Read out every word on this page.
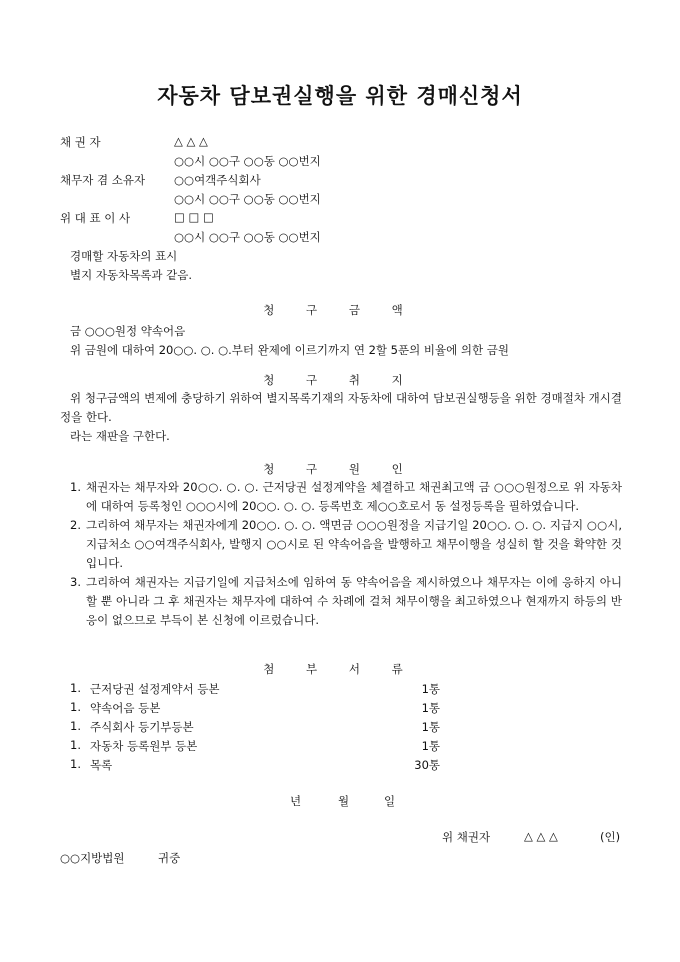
자동차 담보권실행을 위한 경매신청서
채 권 자	△ △ △
○○시 ○○구 ○○동 ○○번지
채무자 겸 소유자	○○여객주식회사
○○시 ○○구 ○○동 ○○번지
위 대 표 이 사	□ □ □
○○시 ○○구 ○○동 ○○번지
경매할 자동차의 표시
별지 자동차목록과 같음.
청 구 금 액
금 ○○○원정 약속어음
위 금원에 대하여 20○○. ○. ○.부터 완제에 이르기까지 연 2할 5푼의 비율에 의한 금원
청 구 취 지
위 청구금액의 변제에 충당하기 위하여 별지목록기재의 자동차에 대하여 담보권실행등을 위한 경매절차 개시결정을 한다.
라는 재판을 구한다.
청 구 원 인
1. 채권자는 채무자와 20○○. ○. ○. 근저당권 설정계약을 체결하고 채권최고액 금 ○○○원정으로 위 자동차에 대하여 등록청인 ○○○시에 20○○. ○. ○. 등록번호 제○○호로서 동 설정등록을 필하였습니다.
2. 그리하여 채무자는 채권자에게 20○○. ○. ○. 액면금 ○○○원정을 지급기일 20○○. ○. ○. 지급지 ○○시, 지급처소 ○○여객주식회사, 발행지 ○○시로 된 약속어음을 발행하고 채무이행을 성실히 할 것을 확약한 것입니다.
3. 그리하여 채권자는 지급기일에 지급처소에 임하여 동 약속어음을 제시하였으나 채무자는 이에 응하지 아니할 뿐 아니라 그 후 채권자는 채무자에 대하여 수 차례에 걸쳐 채무이행을 최고하였으나 현재까지 하등의 반응이 없으므로 부득이 본 신청에 이르렀습니다.
첨 부 서 류
1. 근저당권 설정계약서 등본	1통
1. 약속어음 등본	1통
1. 주식회사 등기부등본	1통
1. 자동차 등록원부 등본	1통
1. 목록	30통
년	월	일
위 채권자	△ △ △	(인)
○○지방법원	귀중
